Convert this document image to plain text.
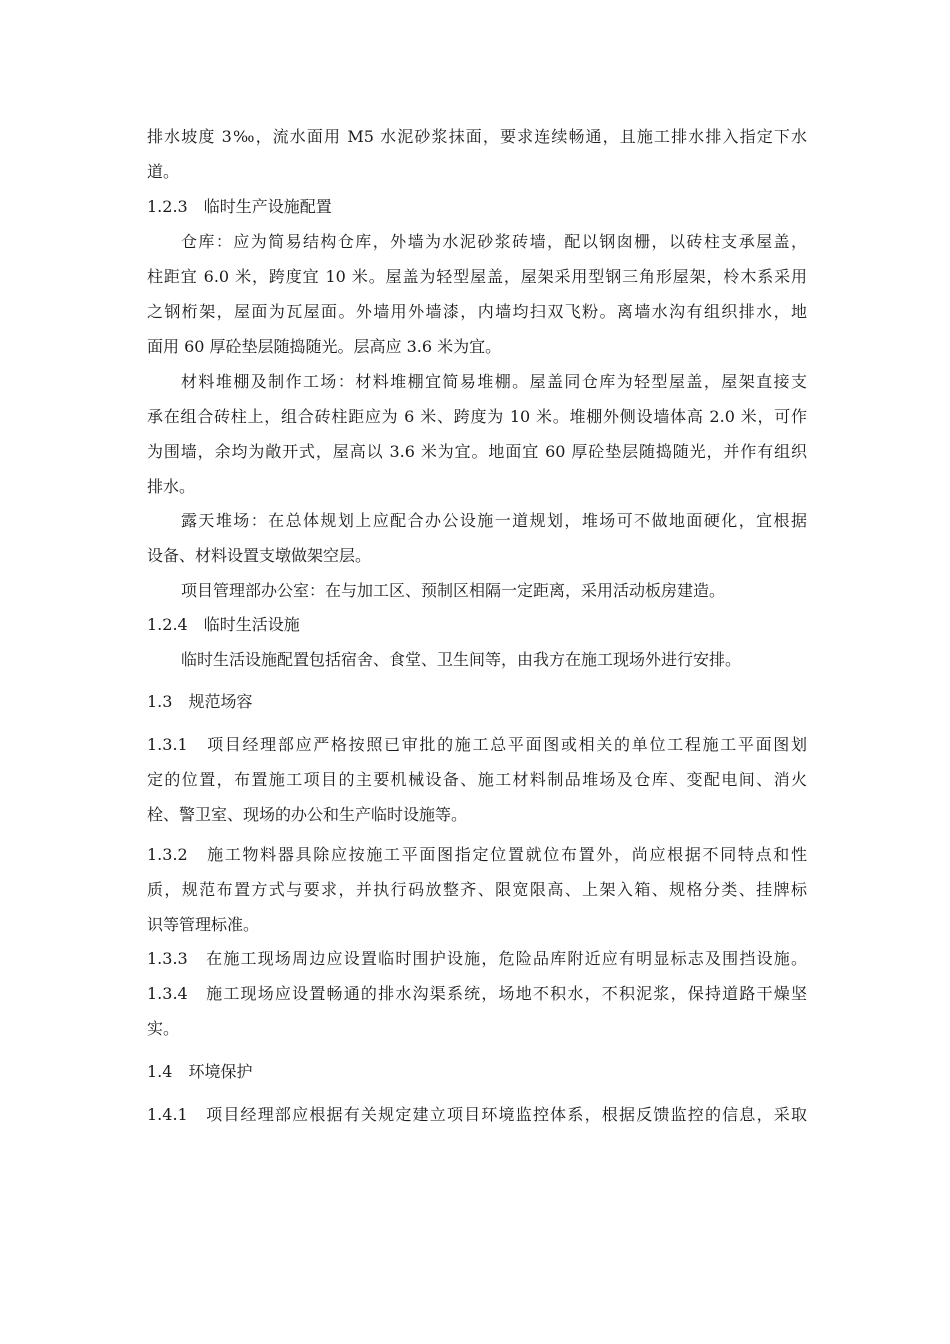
排水坡度 3‰，流水面用 M5 水泥砂浆抹面，要求连续畅通，且施工排水排入指定下水
道。
1.2.3　临时生产设施配置
仓库：应为简易结构仓库，外墙为水泥砂浆砖墙，配以钢囱栅，以砖柱支承屋盖，
柱距宜 6.0 米，跨度宜 10 米。屋盖为轻型屋盖，屋架采用型钢三角形屋架，柃木系采用
之钢桁架，屋面为瓦屋面。外墙用外墙漆，内墙均扫双飞粉。离墙水沟有组织排水，地
面用 60 厚砼垫层随捣随光。层高应 3.6 米为宜。
材料堆棚及制作工场：材料堆棚宜简易堆棚。屋盖同仓库为轻型屋盖，屋架直接支
承在组合砖柱上，组合砖柱距应为 6 米、跨度为 10 米。堆棚外侧设墙体高 2.0 米，可作
为围墙，余均为敞开式，屋高以 3.6 米为宜。地面宜 60 厚砼垫层随捣随光，并作有组织
排水。
露天堆场：在总体规划上应配合办公设施一道规划，堆场可不做地面硬化，宜根据
设备、材料设置支墩做架空层。
项目管理部办公室：在与加工区、预制区相隔一定距离，采用活动板房建造。
1.2.4　临时生活设施
临时生活设施配置包括宿舍、食堂、卫生间等，由我方在施工现场外进行安排。
1.3　规范场容
1.3.1　项目经理部应严格按照已审批的施工总平面图或相关的单位工程施工平面图划
定的位置，布置施工项目的主要机械设备、施工材料制品堆场及仓库、变配电间、消火
栓、警卫室、现场的办公和生产临时设施等。
1.3.2　施工物料器具除应按施工平面图指定位置就位布置外，尚应根据不同特点和性
质，规范布置方式与要求，并执行码放整齐、限宽限高、上架入箱、规格分类、挂牌标
识等管理标准。
1.3.3　在施工现场周边应设置临时围护设施，危险品库附近应有明显标志及围挡设施。
1.3.4　施工现场应设置畅通的排水沟渠系统，场地不积水，不积泥浆，保持道路干燥坚
实。
1.4　环境保护
1.4.1　项目经理部应根据有关规定建立项目环境监控体系，根据反馈监控的信息，采取
